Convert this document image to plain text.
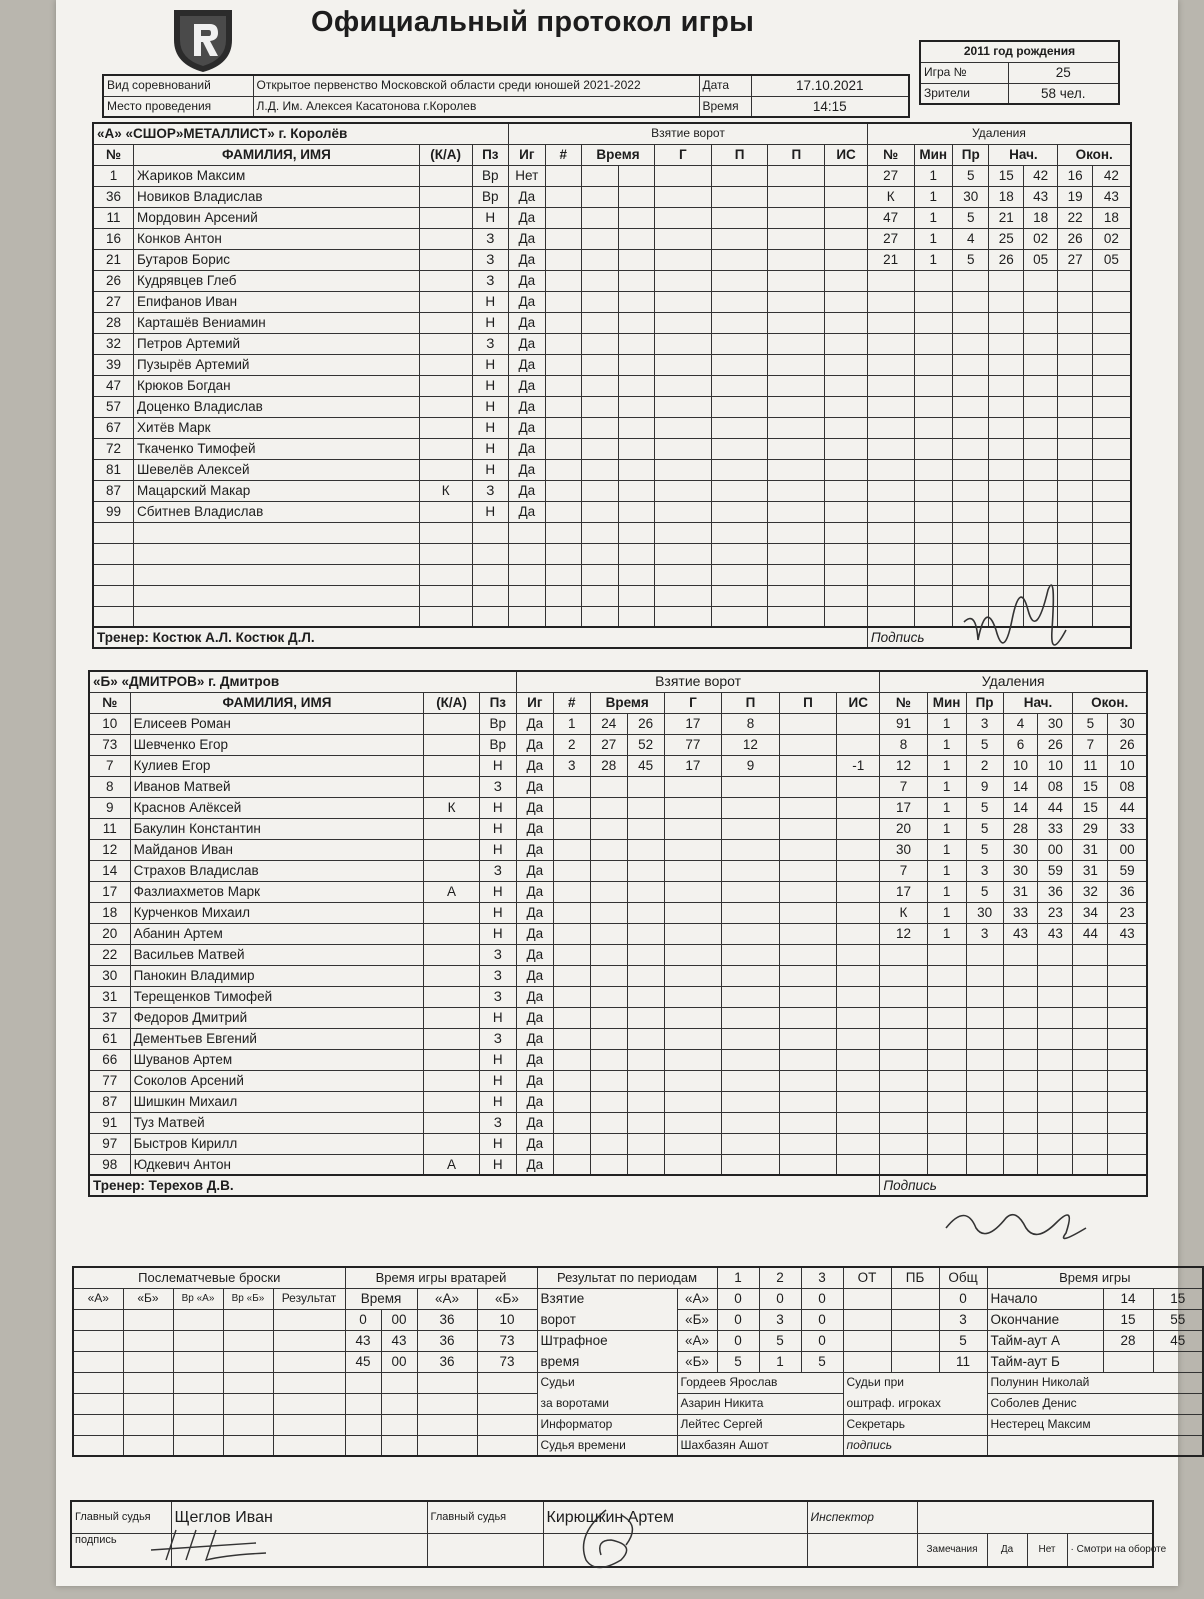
Официальный протокол игры
Вид соревнований	Открытое первенство Московской области среди юношей 2021-2022	Дата	17.10.2021
Место проведения	Л.Д. Им. Алексея Касатонова г.Королев	Время	14:15
2011 год рождения	
Игра №	25
Зрители	58 чел.
«А» «СШОР»МЕТАЛЛИСТ» г. Королёв				Взятие ворот								Удаления						
№	ФАМИЛИЯ, ИМЯ	(К/А)	Пз	Иг	#	Время		Г	П	П	ИС	№	Мин	Пр	Нач.		Окон.	
1	Жариков Максим		Вр	Нет								27	1	5	15	42	16	42
36	Новиков Владислав		Вр	Да								К	1	30	18	43	19	43
11	Мордовин Арсений		Н	Да								47	1	5	21	18	22	18
16	Конков Антон		З	Да								27	1	4	25	02	26	02
21	Бутаров Борис		З	Да								21	1	5	26	05	27	05
26	Кудрявцев Глеб		З	Да														
27	Епифанов Иван		Н	Да														
28	Карташёв Вениамин		Н	Да														
32	Петров Артемий		З	Да														
39	Пузырёв Артемий		Н	Да														
47	Крюков Богдан		Н	Да														
57	Доценко Владислав		Н	Да														
67	Хитёв Марк		Н	Да														
72	Ткаченко Тимофей		Н	Да														
81	Шевелёв Алексей		Н	Да														
87	Мацарский Макар	К	З	Да														
99	Сбитнев Владислав		Н	Да														

Тренер: Костюк А.Л. Костюк Д.Л.												Подпись						
«Б» «ДМИТРОВ» г. Дмитров				Взятие ворот								Удаления						
№	ФАМИЛИЯ, ИМЯ	(К/А)	Пз	Иг	#	Время		Г	П	П	ИС	№	Мин	Пр	Нач.		Окон.	
10	Елисеев Роман		Вр	Да	1	24	26	17	8			91	1	3	4	30	5	30
73	Шевченко Егор		Вр	Да	2	27	52	77	12			8	1	5	6	26	7	26
7	Кулиев Егор		Н	Да	3	28	45	17	9		-1	12	1	2	10	10	11	10
8	Иванов Матвей		З	Да								7	1	9	14	08	15	08
9	Краснов Алёксей	К	Н	Да								17	1	5	14	44	15	44
11	Бакулин Константин		Н	Да								20	1	5	28	33	29	33
12	Майданов Иван		Н	Да								30	1	5	30	00	31	00
14	Страхов Владислав		З	Да								7	1	3	30	59	31	59
17	Фазлиахметов Марк	А	Н	Да								17	1	5	31	36	32	36
18	Курченков Михаил		Н	Да								К	1	30	33	23	34	23
20	Абанин Артем		Н	Да								12	1	3	43	43	44	43
22	Васильев Матвей		З	Да														
30	Панокин Владимир		З	Да														
31	Терещенков Тимофей		З	Да														
37	Федоров Дмитрий		Н	Да														
61	Дементьев Евгений		З	Да														
66	Шуванов Артем		Н	Да														
77	Соколов Арсений		Н	Да														
87	Шишкин Михаил		Н	Да														
91	Туз Матвей		З	Да														
97	Быстров Кирилл		Н	Да														
98	Юдкевич Антон	А	Н	Да														
Тренер: Терехов Д.В.												Подпись						
Послематчевые броски					Время игры вратарей				Результат по периодам		1	2	3	ОТ	ПБ	Общ	Время игры		
«А»	«Б»	Вр «А»	Вр «Б»	Результат	Время		«А»	«Б»	Взятие	«А»	0	0	0			0	Начало	14	15
					0	00	36	10	ворот	«Б»	0	3	0			3	Окончание	15	55
					43	43	36	73	Штрафное	«А»	0	5	0			5	Тайм-аут А	28	45
					45	00	36	73	время	«Б»	5	1	5			11	Тайм-аут Б		
									Судьи	Гордеев Ярослав				Судьи при			Полунин Николай		
									за воротами	Азарин Никита				оштраф. игроках			Соболев Денис		
									Информатор	Лейтес Сергей				Секретарь			Нестерец Максим		
									Судья времени	Шахбазян Ашот				подпись					
Главный судья	Щеглов Иван	Главный судья	Кирюшкин Артем	Инспектор				
подпись					Замечания	Да	Нет	· Смотри на обороте
